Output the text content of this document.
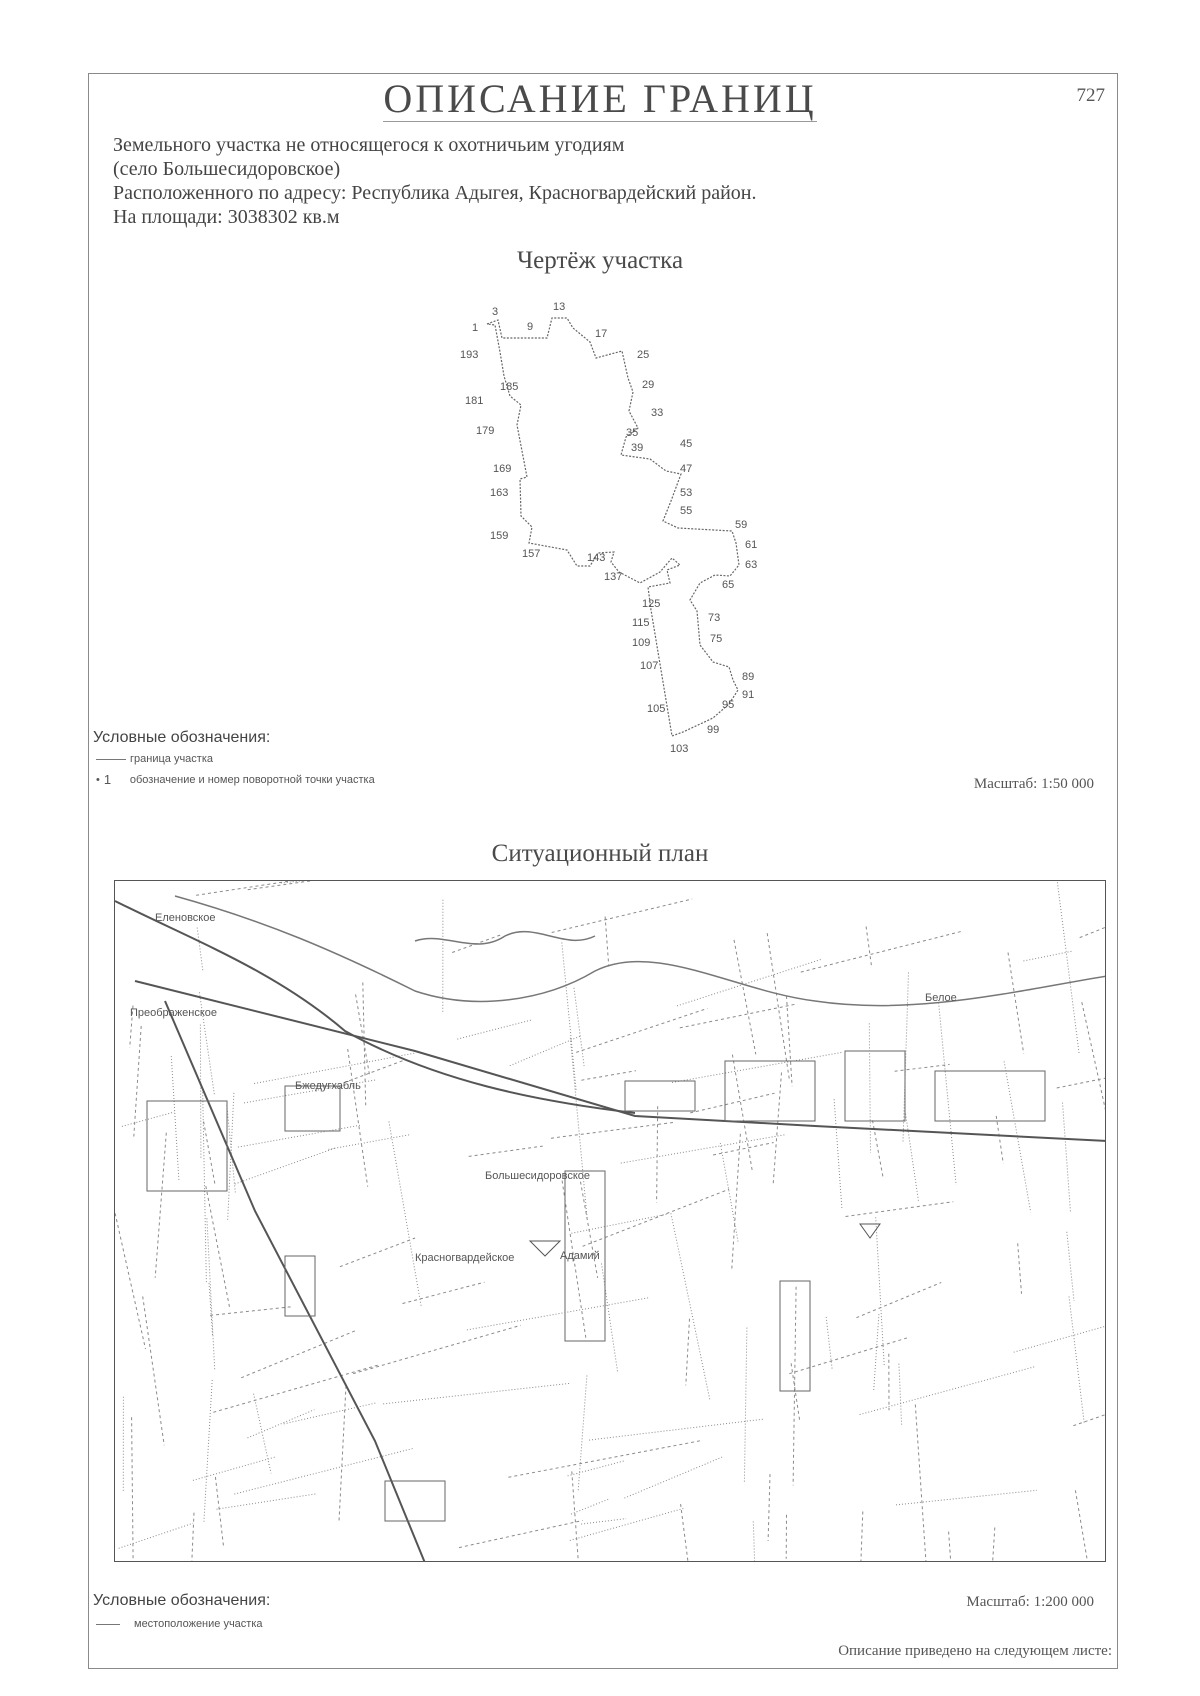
ОПИСАНИЕ ГРАНИЦ	727
Земельного участка не относящегося к охотничьим угодиям
(село Большесидоровское)
Расположенного по адресу: Республика Адыгея, Красногвардейский район.
На площади: 3038302 кв.м
Чертёж участка
1
3
9
13
17
25
29
33
35
39	45
47
53
55
59
61
63
65
73
75
89
91
95
99
103
105
107
109
115
125
137
143
157
159
163
169
179
181
185
193
Условные обозначения:
граница участка
• 1	обозначение и номер поворотной точки участка	Масштаб: 1:50 000
Ситуационный план
Большесидоровское
Адамий
Красногвардейское
Еленовское
Преображенское
Бжедугхабль
Белое
Условные обозначения:
местоположение участка
Масштаб: 1:200 000
Описание приведено на следующем листе:
